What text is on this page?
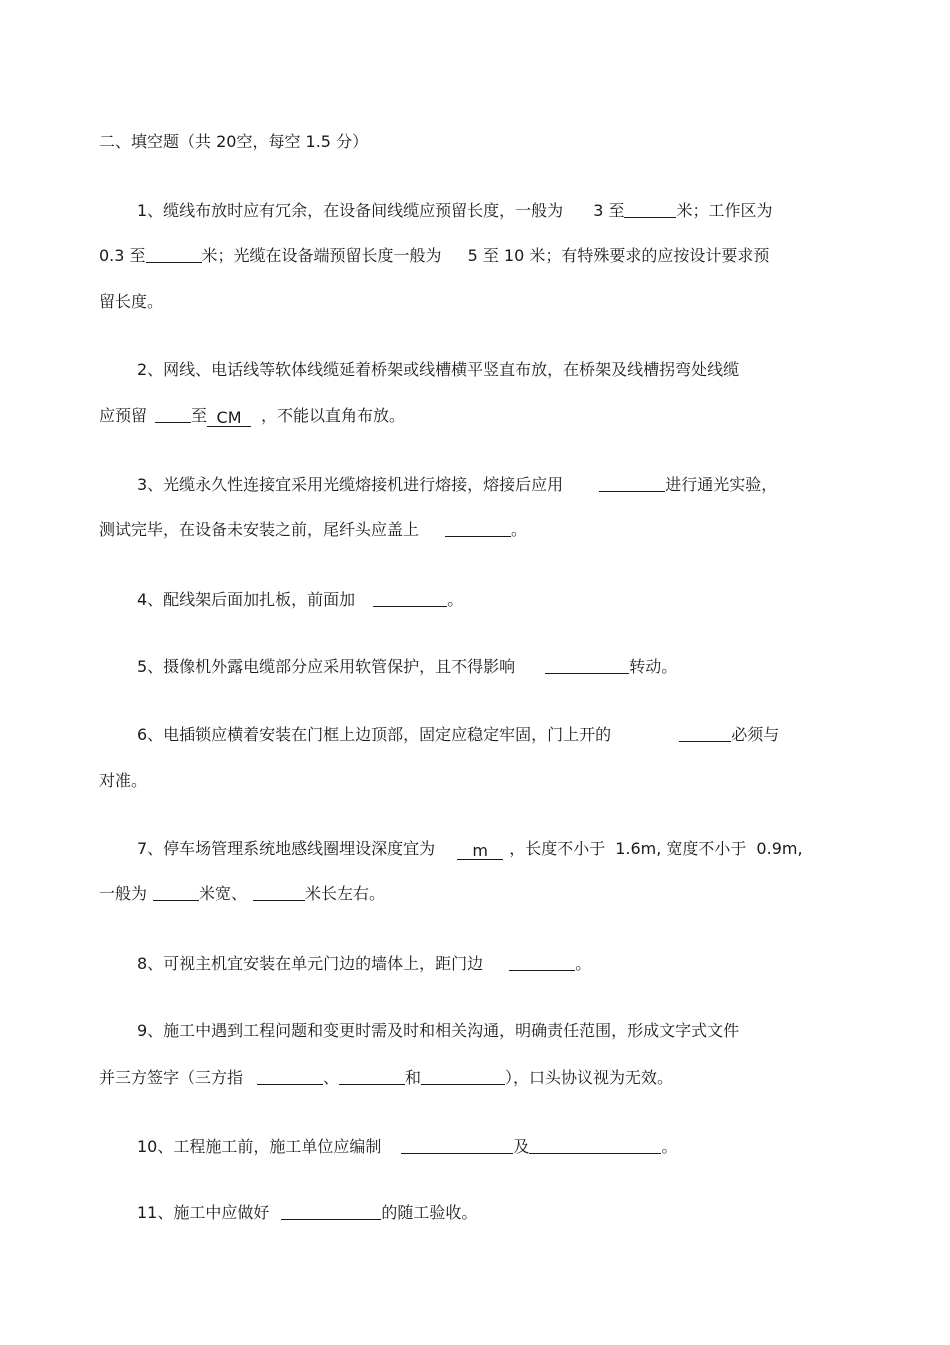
二、填空题（共 20空，每空 1.5 分）
1、缆线布放时应有冗余，在设备间线缆应预留长度，一般为 3 至	米；工作区为
0.3 至	米；光缆在设备端预留长度一般为 5 至 10 米；有特殊要求的应按设计要求预
留长度。
2、网线、电话线等软体线缆延着桥架或线槽横平竖直布放，在桥架及线槽拐弯处线缆
应预留	至 CM ，不能以直角布放。
3、光缆永久性连接宜采用光缆熔接机进行熔接，熔接后应用	进行通光实验，
测试完毕，在设备未安装之前，尾纤头应盖上	。
4、配线架后面加扎板，前面加	。
5、摄像机外露电缆部分应采用软管保护，且不得影响	转动。
6、电插锁应横着安装在门框上边顶部，固定应稳定牢固，门上开的	必须与
对准。
7、停车场管理系统地感线圈埋设深度宜为 m ，长度不小于 1.6m, 宽度不小于 0.9m,
一般为	米宽、	米长左右。
8、可视主机宜安装在单元门边的墙体上，距门边	。
9、施工中遇到工程问题和变更时需及时和相关沟通，明确责任范围，形成文字式文件
并三方签字（三方指	、	和	），口头协议视为无效。
10、工程施工前，施工单位应编制	及	。
11、施工中应做好	的随工验收。
